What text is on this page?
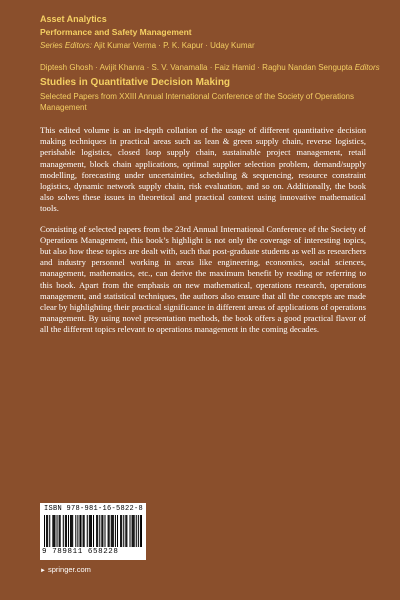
Asset Analytics
Performance and Safety Management
Series Editors: Ajit Kumar Verma · P. K. Kapur · Uday Kumar
Diptesh Ghosh · Avijit Khanra · S. V. Vanamalla · Faiz Hamid · Raghu Nandan Sengupta Editors
Studies in Quantitative Decision Making
Selected Papers from XXIII Annual International Conference of the Society of Operations Management

This edited volume is an in-depth collation of the usage of different quantitative decision making techniques in practical areas such as lean & green supply chain, reverse logistics, perishable logistics, closed loop supply chain, sustainable project management, retail management, block chain applications, optimal supplier selection problem, demand/supply modelling, forecasting under uncertainties, scheduling & sequencing, resource constraint logistics, dynamic network supply chain, risk evaluation, and so on. Additionally, the book also solves these issues in theoretical and practical context using innovative mathematical tools.

Consisting of selected papers from the 23rd Annual International Conference of the Society of Operations Management, this book’s highlight is not only the coverage of interesting topics, but also how these topics are dealt with, such that post-graduate students as well as researchers and industry personnel working in areas like engineering, economics, social sciences, management, mathematics, etc., can derive the maximum benefit by reading or referring to this book. Apart from the emphasis on new mathematical, operations research, operations management, and statistical techniques, the authors also ensure that all the concepts are made clear by highlighting their practical significance in different areas of applications of operations management. By using novel presentation methods, the book offers a good practical flavor of all the different topics relevant to operations management in the coming decades.

ISBN 978-981-16-5822-8
9 789811 658228
► springer.com
